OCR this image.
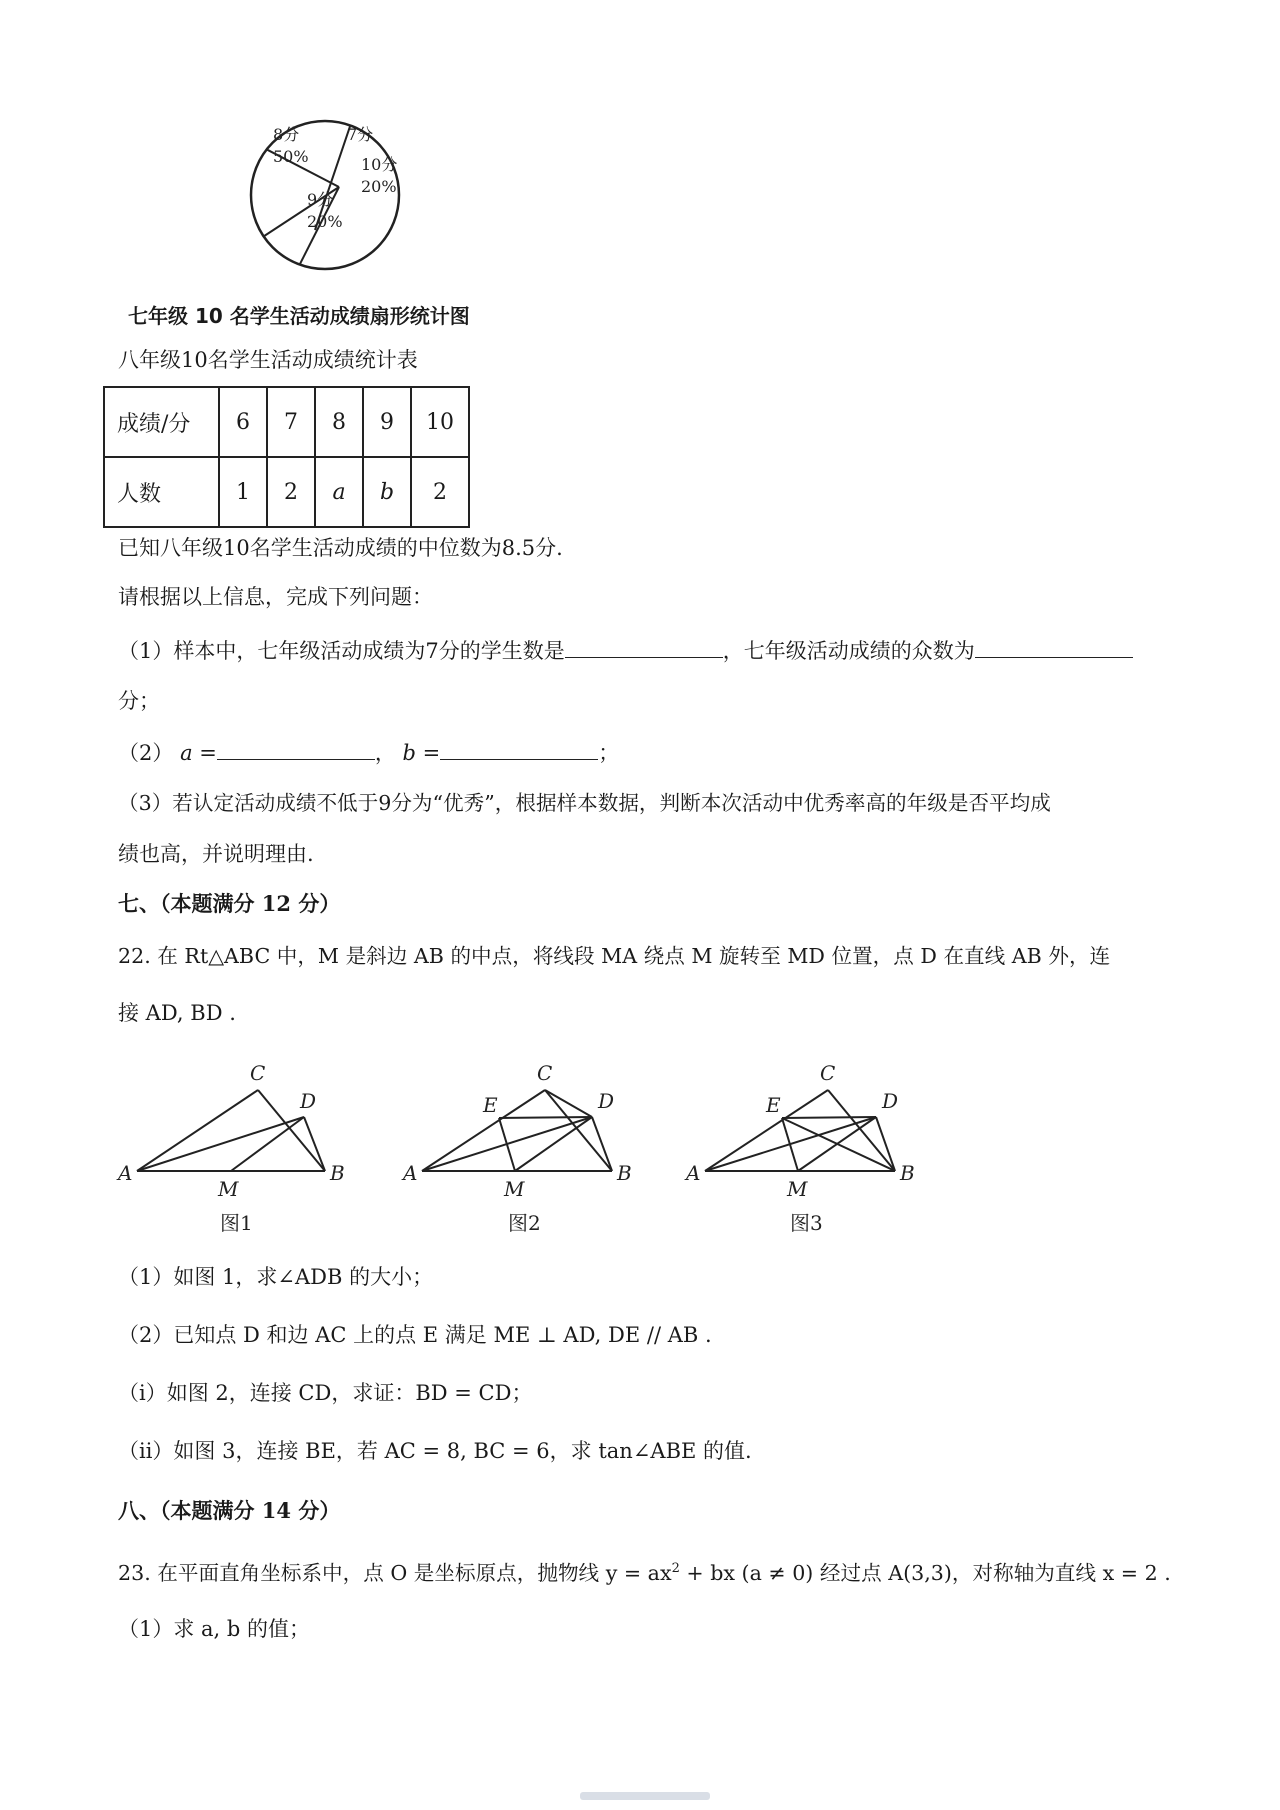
8分
50%
7分
10分
20%
9分
20%
七年级 10 名学生活动成绩扇形统计图
八年级10名学生活动成绩统计表
成绩/分	6	7	8	9	10
人数	1	2	a	b	2
已知八年级10名学生活动成绩的中位数为8.5分.
请根据以上信息，完成下列问题：
（1）样本中，七年级活动成绩为7分的学生数是	，七年级活动成绩的众数为
分；
（2） a =	， b =	；
（3）若认定活动成绩不低于9分为“优秀”，根据样本数据，判断本次活动中优秀率高的年级是否平均成
绩也高，并说明理由.
七、（本题满分 12 分）
22. 在 Rt△ABC 中，M 是斜边 AB 的中点，将线段 MA 绕点 M 旋转至 MD 位置，点 D 在直线 AB 外，连
接 AD, BD .
A	B
C
D
M
图1
A	B
C
D
E
M
图2
A	B
C
D
E
M
图3
（1）如图 1，求∠ADB 的大小；
（2）已知点 D 和边 AC 上的点 E 满足 ME ⊥ AD, DE // AB .
（ⅰ）如图 2，连接 CD，求证：BD = CD；
（ⅱ）如图 3，连接 BE，若 AC = 8, BC = 6，求 tan∠ABE 的值.
八、（本题满分 14 分）
23. 在平面直角坐标系中，点 O 是坐标原点，抛物线 $y = ax^2$ + bx (a ≠ 0) 经过点 A(3,3)，对称轴为直线 x = 2 .
（1）求 a, b 的值；
